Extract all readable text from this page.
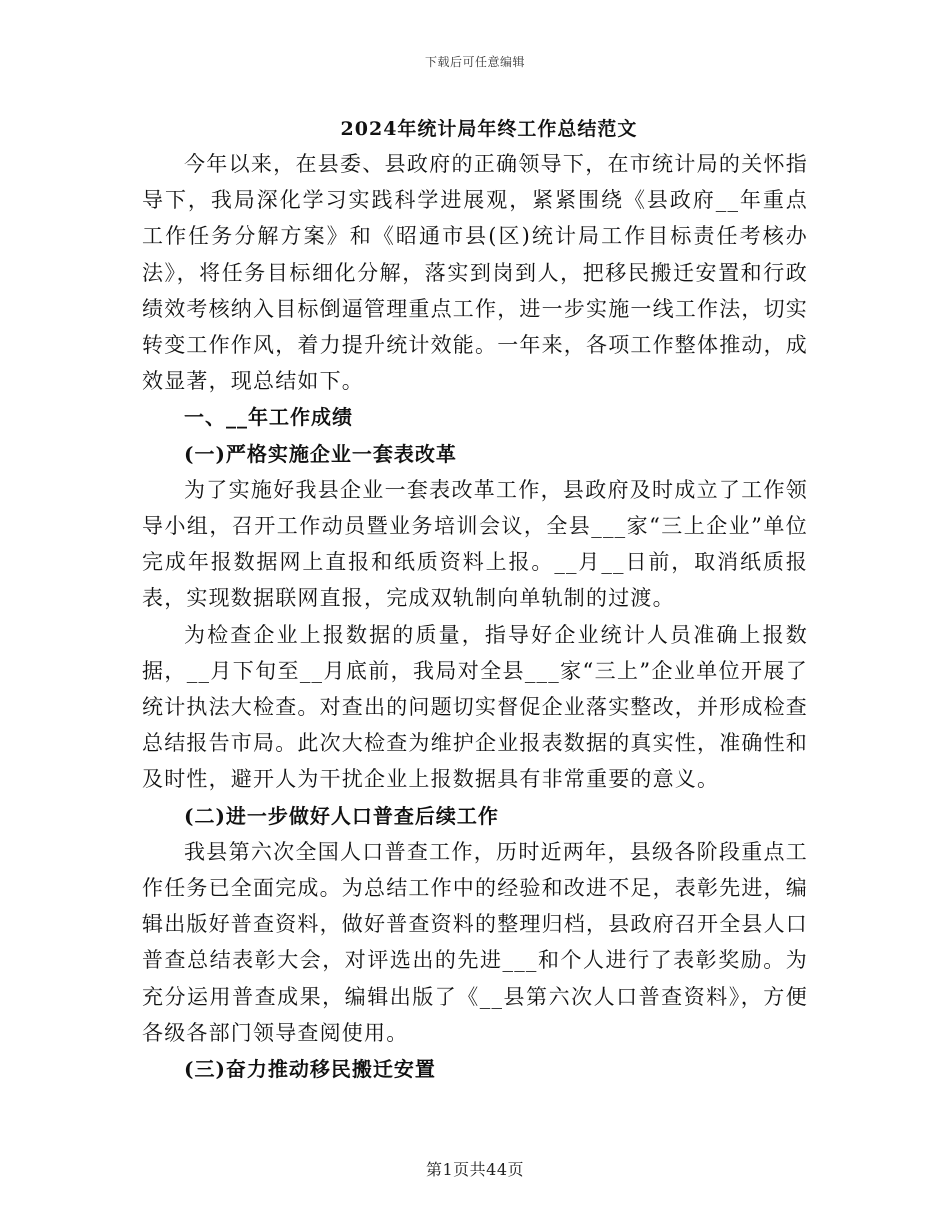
下载后可任意编辑
2024年统计局年终工作总结范文

今年以来，在县委、县政府的正确领导下，在市统计局的关怀指导下，我局深化学习实践科学进展观，紧紧围绕《县政府__年重点工作任务分解方案》和《昭通市县(区)统计局工作目标责任考核办法》，将任务目标细化分解，落实到岗到人，把移民搬迁安置和行政绩效考核纳入目标倒逼管理重点工作，进一步实施一线工作法，切实转变工作作风，着力提升统计效能。一年来，各项工作整体推动，成效显著，现总结如下。

一、__年工作成绩

(一)严格实施企业一套表改革

为了实施好我县企业一套表改革工作，县政府及时成立了工作领导小组，召开工作动员暨业务培训会议，全县___家“三上企业”单位完成年报数据网上直报和纸质资料上报。__月__日前，取消纸质报表，实现数据联网直报，完成双轨制向单轨制的过渡。

为检查企业上报数据的质量，指导好企业统计人员准确上报数据，__月下旬至__月底前，我局对全县___家“三上”企业单位开展了统计执法大检查。对查出的问题切实督促企业落实整改，并形成检查总结报告市局。此次大检查为维护企业报表数据的真实性，准确性和及时性，避开人为干扰企业上报数据具有非常重要的意义。

(二)进一步做好人口普查后续工作

我县第六次全国人口普查工作，历时近两年，县级各阶段重点工作任务已全面完成。为总结工作中的经验和改进不足，表彰先进，编辑出版好普查资料，做好普查资料的整理归档，县政府召开全县人口普查总结表彰大会，对评选出的先进___和个人进行了表彰奖励。为充分运用普查成果，编辑出版了《__县第六次人口普查资料》，方便各级各部门领导查阅使用。

(三)奋力推动移民搬迁安置

第1页共44页
